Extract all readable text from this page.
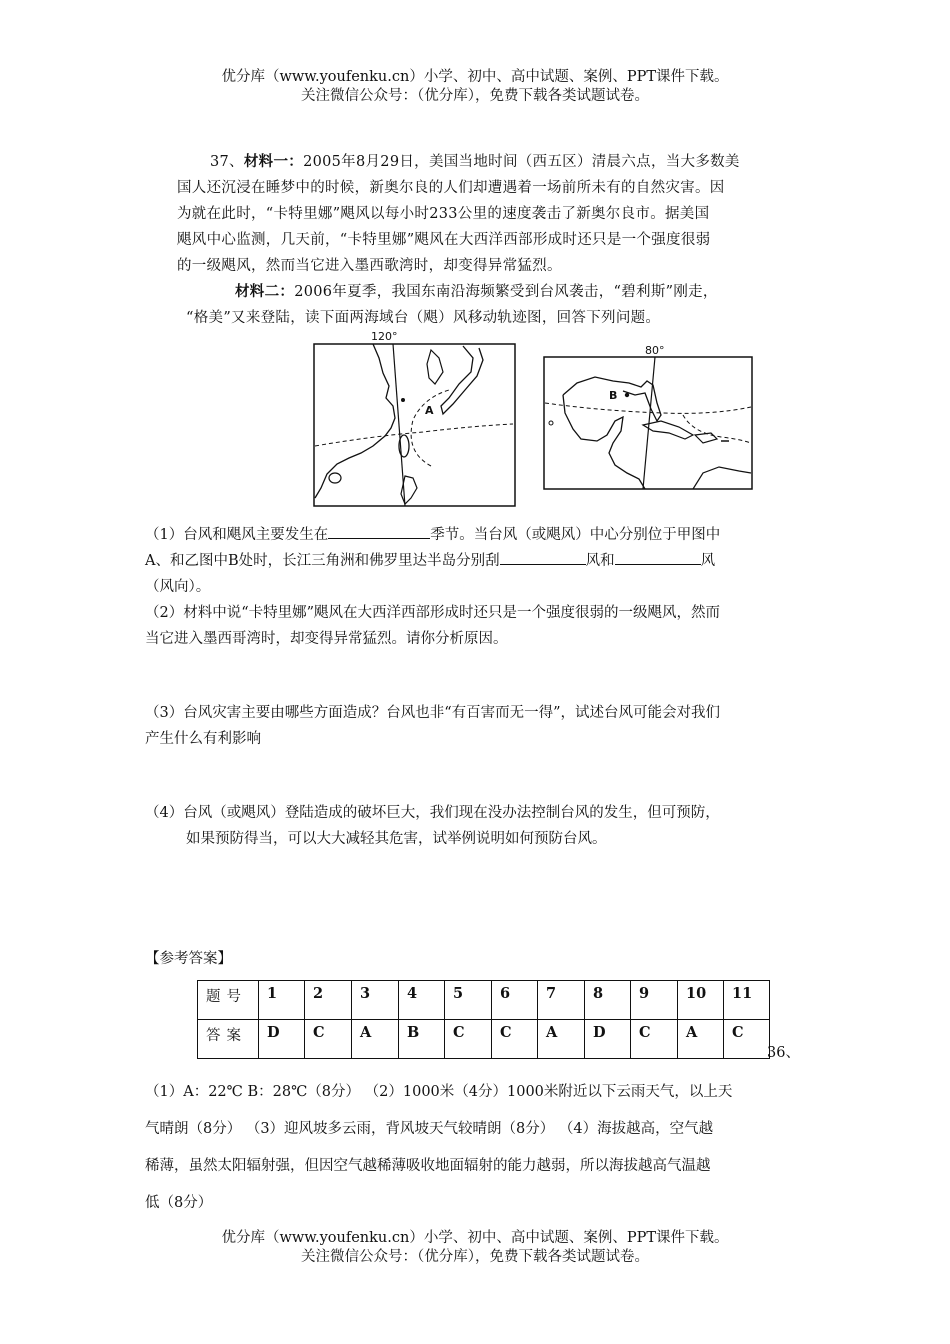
优分库（www.youfenku.cn）小学、初中、高中试题、案例、PPT课件下载。
关注微信公众号：（优分库），免费下载各类试题试卷。
37、材料一：2005年8月29日，美国当地时间（西五区）清晨六点，当大多数美
国人还沉浸在睡梦中的时候，新奥尔良的人们却遭遇着一场前所未有的自然灾害。因
为就在此时，“卡特里娜”飓风以每小时233公里的速度袭击了新奥尔良市。据美国
飓风中心监测，几天前，“卡特里娜”飓风在大西洋西部形成时还只是一个强度很弱
的一级飓风，然而当它进入墨西歌湾时，却变得异常猛烈。
材料二：2006年夏季，我国东南沿海频繁受到台风袭击，“碧利斯”刚走，
“格美”又来登陆，读下面两海域台（飓）风移动轨迹图，回答下列问题。
120°
A
80°
B
（1）台风和飓风主要发生在	季节。当台风（或飓风）中心分别位于甲图中
A、和乙图中B处时，长江三角洲和佛罗里达半岛分别刮	风和	风
（风向）。
（2）材料中说“卡特里娜”飓风在大西洋西部形成时还只是一个强度很弱的一级飓风，然而
当它进入墨西哥湾时，却变得异常猛烈。请你分析原因。
（3）台风灾害主要由哪些方面造成？台风也非“有百害而无一得”，试述台风可能会对我们
产生什么有利影响
（4）台风（或飓风）登陆造成的破坏巨大，我们现在没办法控制台风的发生，但可预防，
如果预防得当，可以大大减轻其危害，试举例说明如何预防台风。
【参考答案】
题号	1	2	3	4	5	6	7	8	9	10	11
答案	D	C	A	B	C	C	A	D	C	A	C
36、
（1）A：22℃ B：28℃（8分） （2）1000米（4分）1000米附近以下云雨天气，以上天
气晴朗（8分） （3）迎风坡多云雨，背风坡天气较晴朗（8分） （4）海拔越高，空气越
稀薄，虽然太阳辐射强，但因空气越稀薄吸收地面辐射的能力越弱，所以海拔越高气温越
低（8分）
优分库（www.youfenku.cn）小学、初中、高中试题、案例、PPT课件下载。
关注微信公众号：（优分库），免费下载各类试题试卷。
